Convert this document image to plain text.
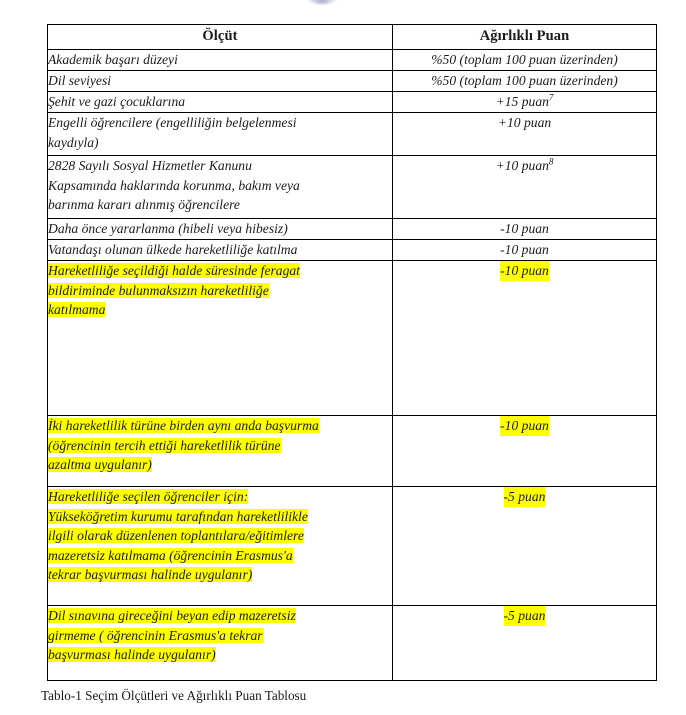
Ölçüt	Ağırlıklı Puan

Akademik başarı düzeyi	%50 (toplam 100 puan üzerinden)

Dil seviyesi	%50 (toplam 100 puan üzerinden)

Şehit ve gazi çocuklarına	+15 puan$^7$

Engelli öğrencilere (engelliliğin belgelenmesi
kaydıyla)	+10 puan

2828 Sayılı Sosyal Hizmetler Kanunu
Kapsamında haklarında korunma, bakım veya
barınma kararı alınmış öğrencilere	+10 puan$^8$

Daha önce yararlanma (hibeli veya hibesiz)	-10 puan

Vatandaşı olunan ülkede hareketliliğe katılma	-10 puan

Hareketliliğe seçildiği halde süresinde feragat
bildiriminde bulunmaksızın hareketliliğe
katılmama	-10 puan

İki hareketlilik türüne birden aynı anda başvurma
(öğrencinin tercih ettiği hareketlilik türüne
azaltma uygulanır)	-10 puan

Hareketliliğe seçilen öğrenciler için:
Yükseköğretim kurumu tarafından hareketlilikle
ilgili olarak düzenlenen toplantılara/eğitimlere
mazeretsiz katılmama (öğrencinin Erasmus'a
tekrar başvurması halinde uygulanır)	-5 puan

Dil sınavına gireceğini beyan edip mazeretsiz
girmeme ( öğrencinin Erasmus'a tekrar
başvurması halinde uygulanır)	-5 puan
Tablo-1 Seçim Ölçütleri ve Ağırlıklı Puan Tablosu
